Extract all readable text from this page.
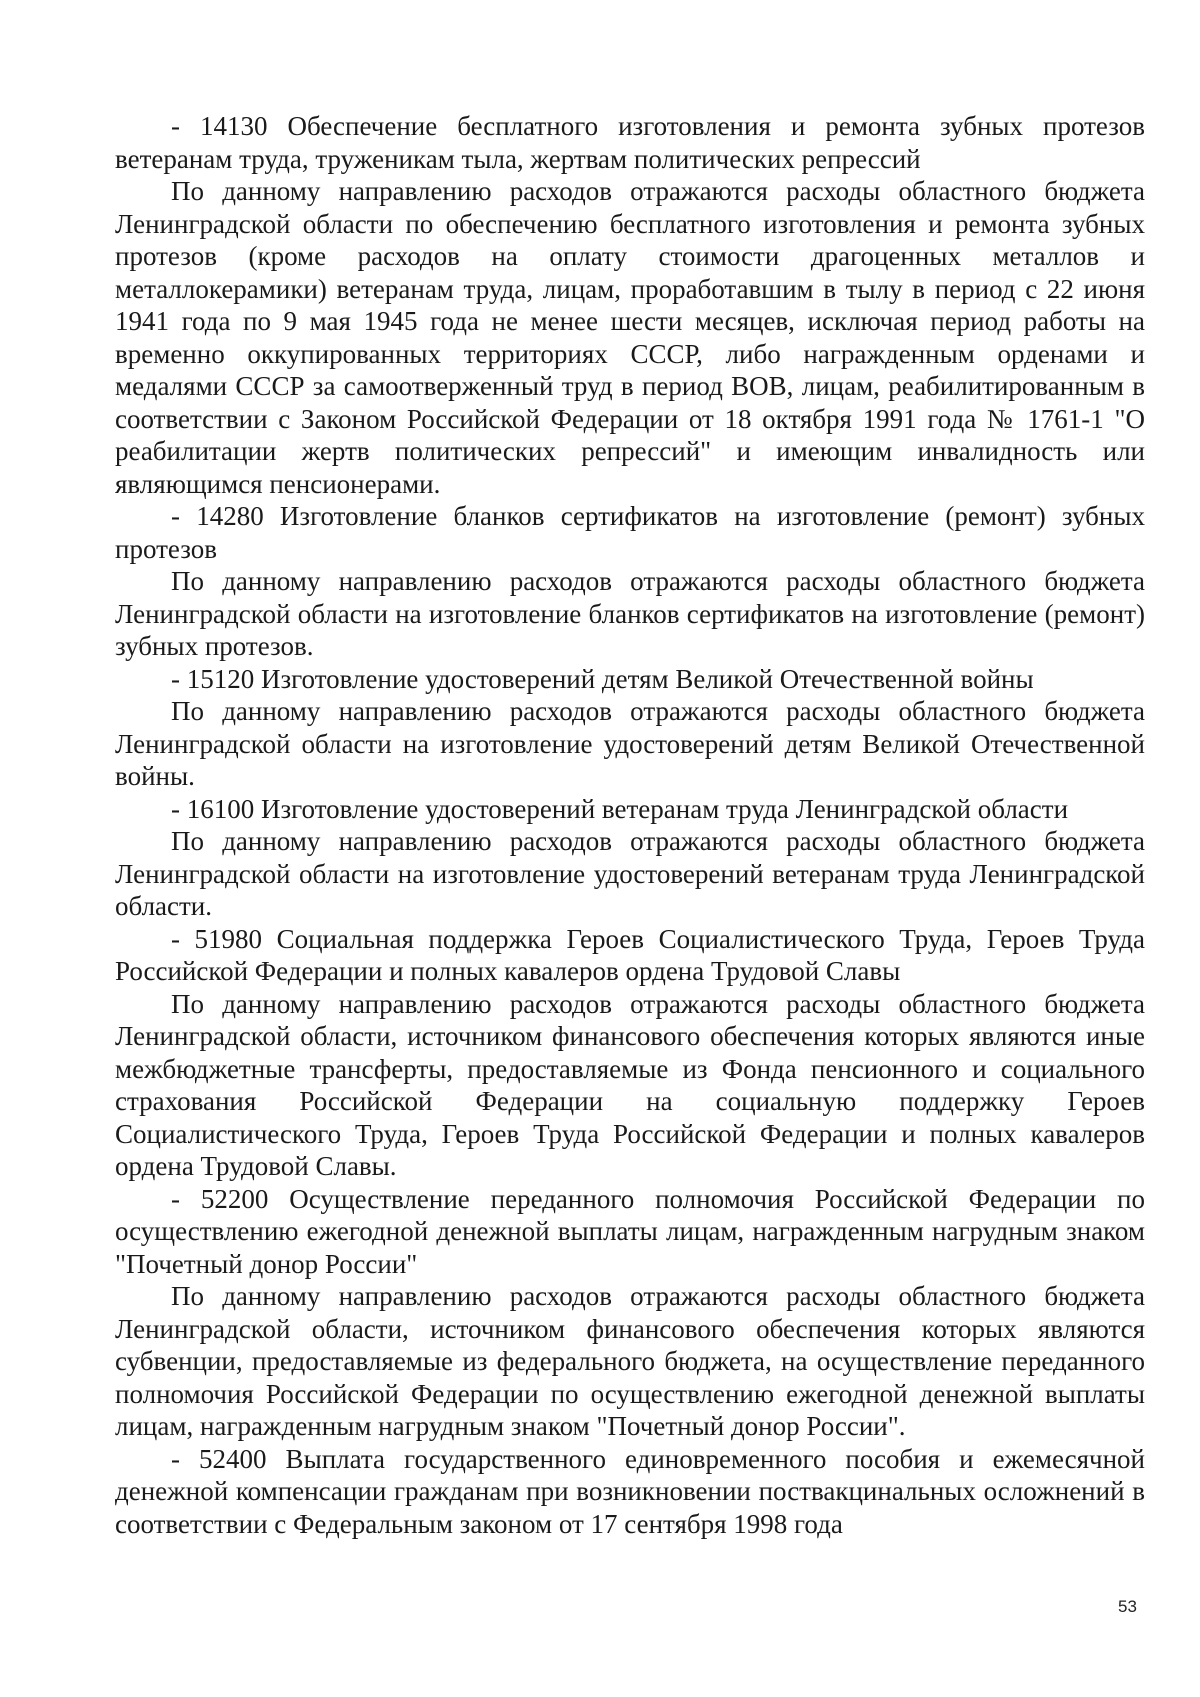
- 14130 Обеспечение бесплатного изготовления и ремонта зубных протезов ветеранам труда, труженикам тыла, жертвам политических репрессий

По данному направлению расходов отражаются расходы областного бюджета Ленинградской области по обеспечению бесплатного изготовления и ремонта зубных протезов (кроме расходов на оплату стоимости драгоценных металлов и металлокерамики) ветеранам труда, лицам, проработавшим в тылу в период с 22 июня 1941 года по 9 мая 1945 года не менее шести месяцев, исключая период работы на временно оккупированных территориях СССР, либо награжденным орденами и медалями СССР за самоотверженный труд в период ВОВ, лицам, реабилитированным в соответствии с Законом Российской Федерации от 18 октября 1991 года № 1761-1 "О реабилитации жертв политических репрессий" и имеющим инвалидность или являющимся пенсионерами.

- 14280 Изготовление бланков сертификатов на изготовление (ремонт) зубных протезов

По данному направлению расходов отражаются расходы областного бюджета Ленинградской области на изготовление бланков сертификатов на изготовление (ремонт) зубных протезов.

- 15120 Изготовление удостоверений детям Великой Отечественной войны

По данному направлению расходов отражаются расходы областного бюджета Ленинградской области на изготовление удостоверений детям Великой Отечественной войны.

- 16100 Изготовление удостоверений ветеранам труда Ленинградской области

По данному направлению расходов отражаются расходы областного бюджета Ленинградской области на изготовление удостоверений ветеранам труда Ленинградской области.

- 51980 Социальная поддержка Героев Социалистического Труда, Героев Труда Российской Федерации и полных кавалеров ордена Трудовой Славы

По данному направлению расходов отражаются расходы областного бюджета Ленинградской области, источником финансового обеспечения которых являются иные межбюджетные трансферты, предоставляемые из Фонда пенсионного и социального страхования Российской Федерации на социальную поддержку Героев Социалистического Труда, Героев Труда Российской Федерации и полных кавалеров ордена Трудовой Славы.

- 52200 Осуществление переданного полномочия Российской Федерации по осуществлению ежегодной денежной выплаты лицам, награжденным нагрудным знаком "Почетный донор России"

По данному направлению расходов отражаются расходы областного бюджета Ленинградской области, источником финансового обеспечения которых являются субвенции, предоставляемые из федерального бюджета, на осуществление переданного полномочия Российской Федерации по осуществлению ежегодной денежной выплаты лицам, награжденным нагрудным знаком "Почетный донор России".

- 52400 Выплата государственного единовременного пособия и ежемесячной денежной компенсации гражданам при возникновении поствакцинальных осложнений в соответствии с Федеральным законом от 17 сентября 1998 года

53
